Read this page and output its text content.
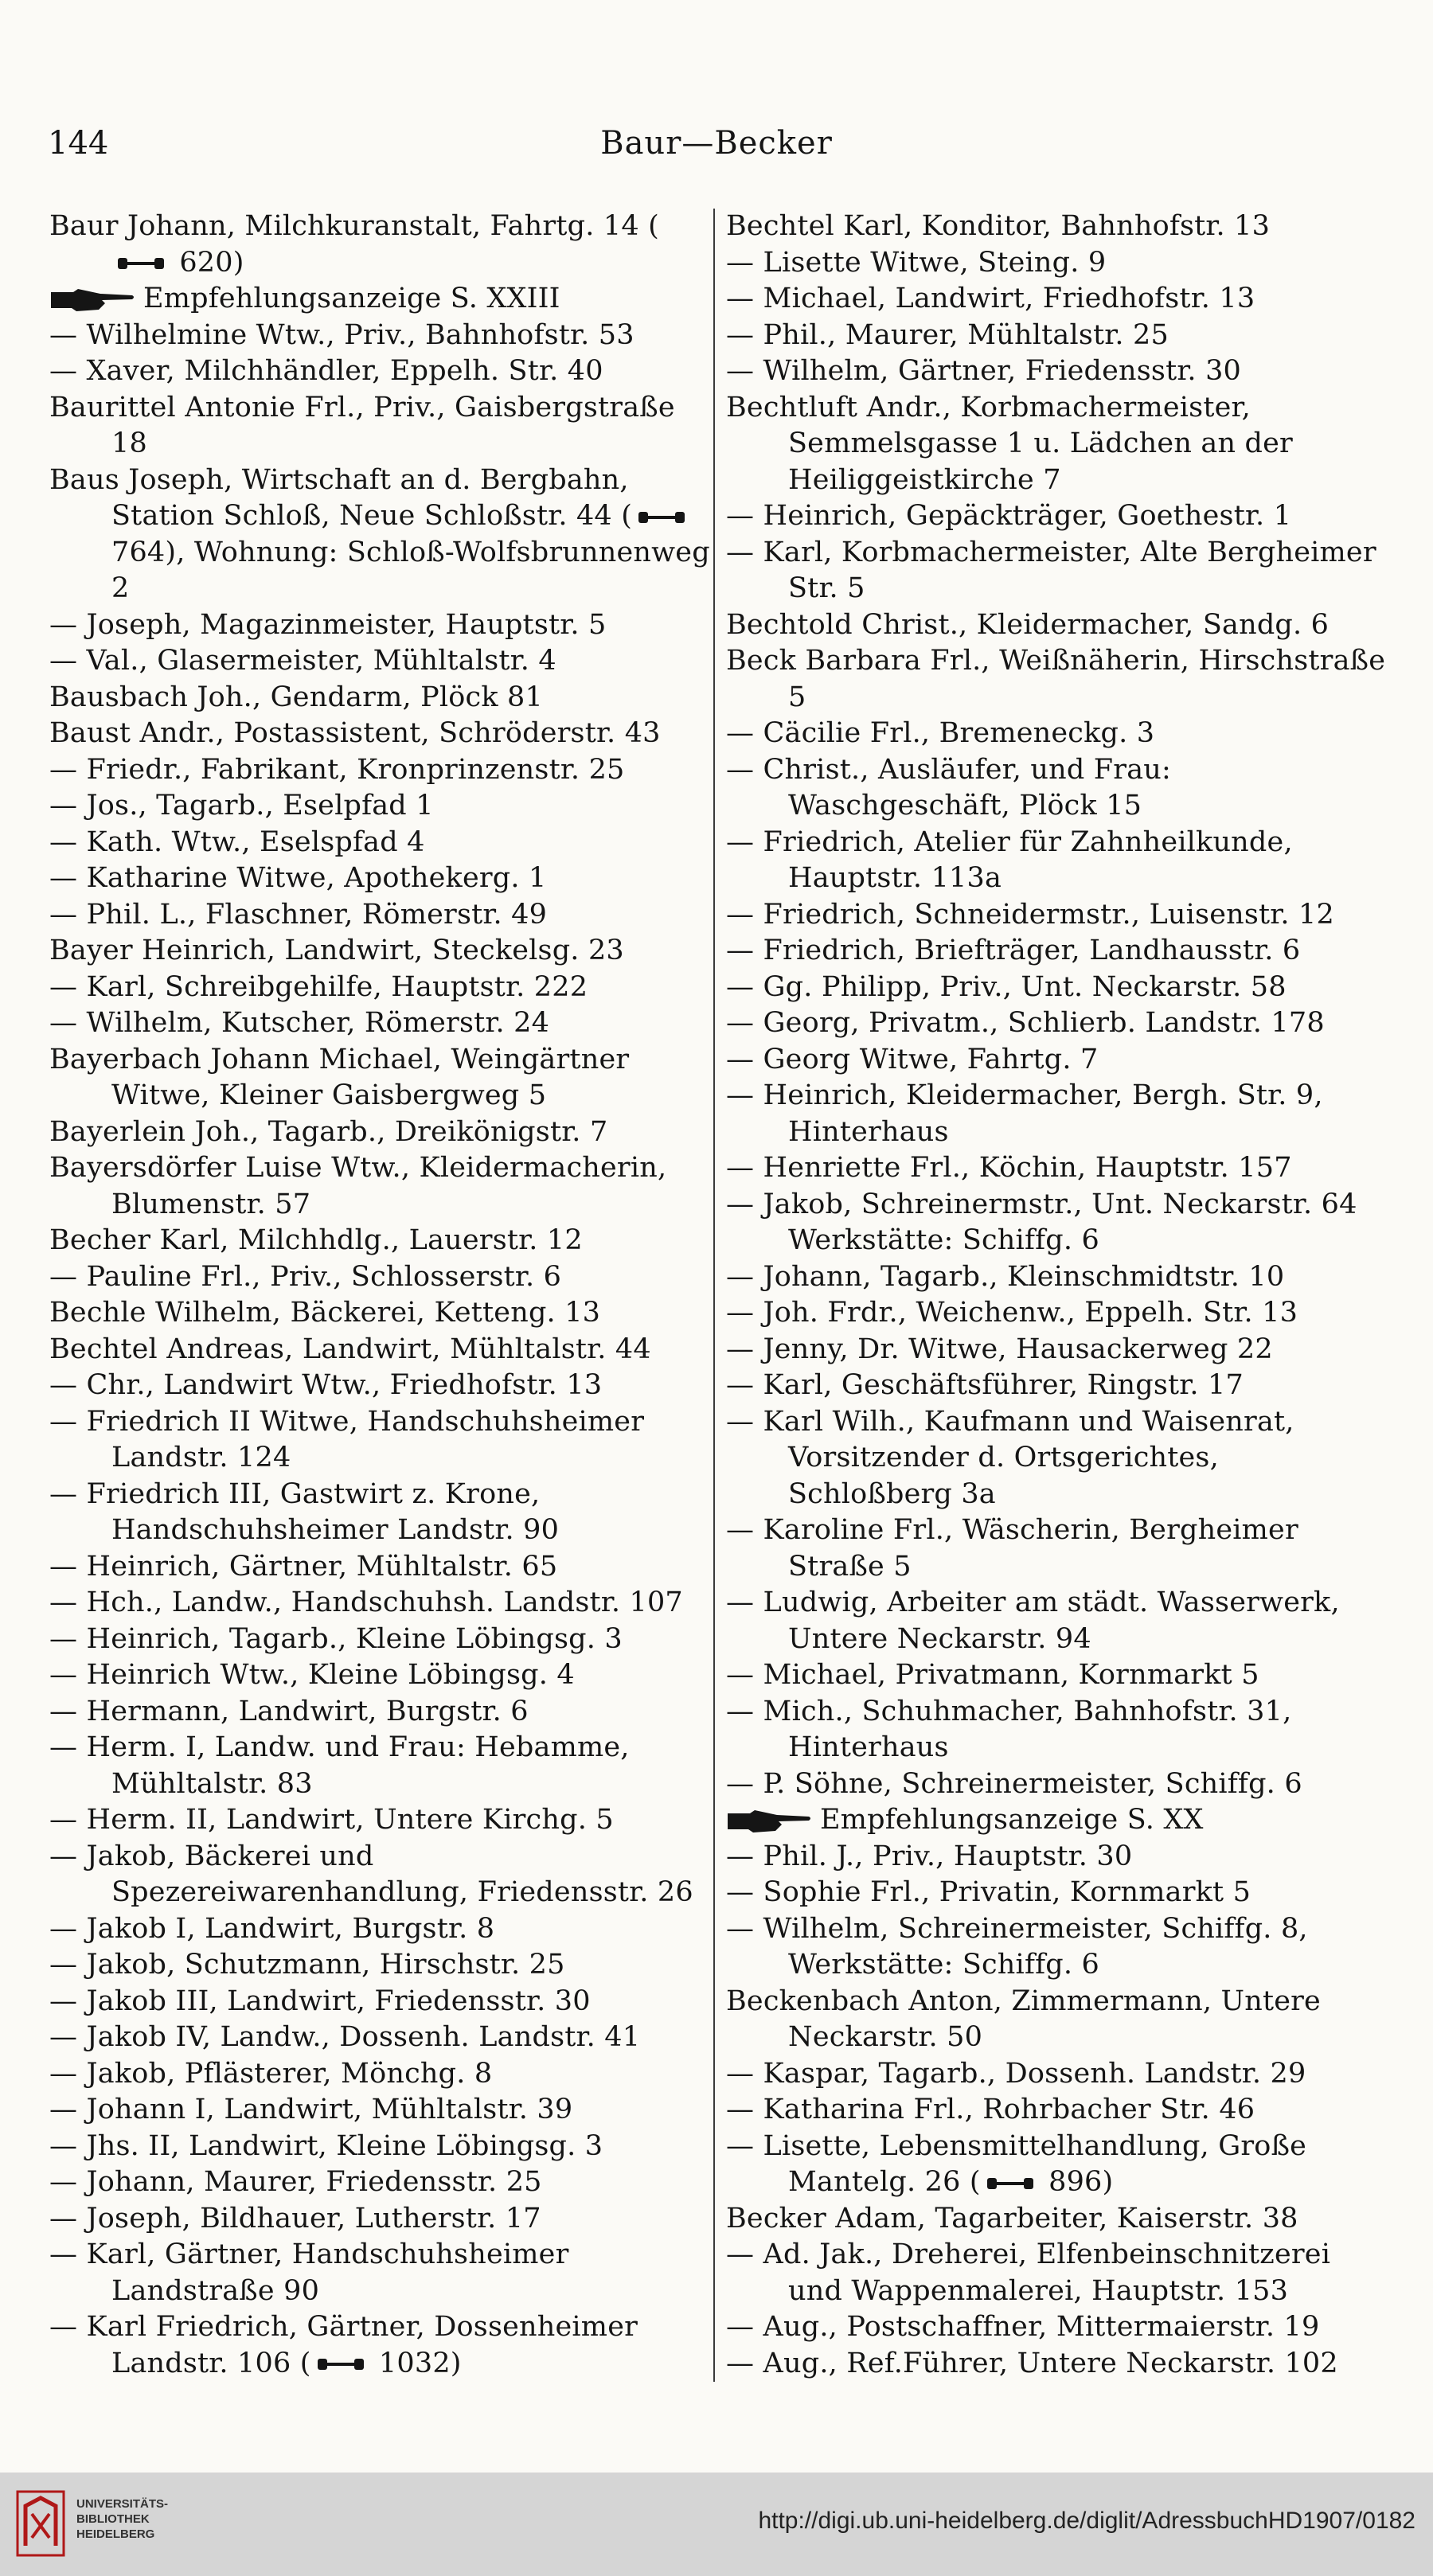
144	Baur—Becker

Baur Johann, Milchkuranstalt, Fahrtg. 14 ( 620)

Empfehlungsanzeige S. XXIII

— Wilhelmine Wtw., Priv., Bahnhofstr. 53

— Xaver, Milchhändler, Eppelh. Str. 40

Baurittel Antonie Frl., Priv., Gaisbergstraße 18

Baus Joseph, Wirtschaft an d. Bergbahn, Station Schloß, Neue Schloßstr. 44 ( 764), Wohnung: Schloß-Wolfsbrunnenweg 2

— Joseph, Magazinmeister, Hauptstr. 5

— Val., Glasermeister, Mühltalstr. 4

Bausbach Joh., Gendarm, Plöck 81

Baust Andr., Postassistent, Schröderstr. 43

— Friedr., Fabrikant, Kronprinzenstr. 25

— Jos., Tagarb., Eselpfad 1

— Kath. Wtw., Eselspfad 4

— Katharine Witwe, Apothekerg. 1

— Phil. L., Flaschner, Römerstr. 49

Bayer Heinrich, Landwirt, Steckelsg. 23

— Karl, Schreibgehilfe, Hauptstr. 222

— Wilhelm, Kutscher, Römerstr. 24

Bayerbach Johann Michael, Weingärtner Witwe, Kleiner Gaisbergweg 5

Bayerlein Joh., Tagarb., Dreikönigstr. 7

Bayersdörfer Luise Wtw., Kleidermacherin, Blumenstr. 57

Becher Karl, Milchhdlg., Lauerstr. 12

— Pauline Frl., Priv., Schlosserstr. 6

Bechle Wilhelm, Bäckerei, Ketteng. 13

Bechtel Andreas, Landwirt, Mühltalstr. 44

— Chr., Landwirt Wtw., Friedhofstr. 13

— Friedrich II Witwe, Handschuhsheimer Landstr. 124

— Friedrich III, Gastwirt z. Krone, Handschuhsheimer Landstr. 90

— Heinrich, Gärtner, Mühltalstr. 65

— Hch., Landw., Handschuhsh. Landstr. 107

— Heinrich, Tagarb., Kleine Löbingsg. 3

— Heinrich Wtw., Kleine Löbingsg. 4

— Hermann, Landwirt, Burgstr. 6

— Herm. I, Landw. und Frau: Hebamme, Mühltalstr. 83

— Herm. II, Landwirt, Untere Kirchg. 5

— Jakob, Bäckerei und Spezereiwarenhandlung, Friedensstr. 26

— Jakob I, Landwirt, Burgstr. 8

— Jakob, Schutzmann, Hirschstr. 25

— Jakob III, Landwirt, Friedensstr. 30

— Jakob IV, Landw., Dossenh. Landstr. 41

— Jakob, Pflästerer, Mönchg. 8

— Johann I, Landwirt, Mühltalstr. 39

— Jhs. II, Landwirt, Kleine Löbingsg. 3

— Johann, Maurer, Friedensstr. 25

— Joseph, Bildhauer, Lutherstr. 17

— Karl, Gärtner, Handschuhsheimer Landstraße 90

— Karl Friedrich, Gärtner, Dossenheimer Landstr. 106 ( 1032)

Bechtel Karl, Konditor, Bahnhofstr. 13

— Lisette Witwe, Steing. 9

— Michael, Landwirt, Friedhofstr. 13

— Phil., Maurer, Mühltalstr. 25

— Wilhelm, Gärtner, Friedensstr. 30

Bechtluft Andr., Korbmachermeister, Semmelsgasse 1 u. Lädchen an der Heiliggeistkirche 7

— Heinrich, Gepäckträger, Goethestr. 1

— Karl, Korbmachermeister, Alte Bergheimer Str. 5

Bechtold Christ., Kleidermacher, Sandg. 6

Beck Barbara Frl., Weißnäherin, Hirschstraße 5

— Cäcilie Frl., Bremeneckg. 3

— Christ., Ausläufer, und Frau: Waschgeschäft, Plöck 15

— Friedrich, Atelier für Zahnheilkunde, Hauptstr. 113a

— Friedrich, Schneidermstr., Luisenstr. 12

— Friedrich, Briefträger, Landhausstr. 6

— Gg. Philipp, Priv., Unt. Neckarstr. 58

— Georg, Privatm., Schlierb. Landstr. 178

— Georg Witwe, Fahrtg. 7

— Heinrich, Kleidermacher, Bergh. Str. 9, Hinterhaus

— Henriette Frl., Köchin, Hauptstr. 157

— Jakob, Schreinermstr., Unt. Neckarstr. 64 Werkstätte: Schiffg. 6

— Johann, Tagarb., Kleinschmidtstr. 10

— Joh. Frdr., Weichenw., Eppelh. Str. 13

— Jenny, Dr. Witwe, Hausackerweg 22

— Karl, Geschäftsführer, Ringstr. 17

— Karl Wilh., Kaufmann und Waisenrat, Vorsitzender d. Ortsgerichtes, Schloßberg 3a

— Karoline Frl., Wäscherin, Bergheimer Straße 5

— Ludwig, Arbeiter am städt. Wasserwerk, Untere Neckarstr. 94

— Michael, Privatmann, Kornmarkt 5

— Mich., Schuhmacher, Bahnhofstr. 31, Hinterhaus

— P. Söhne, Schreinermeister, Schiffg. 6

Empfehlungsanzeige S. XX

— Phil. J., Priv., Hauptstr. 30

— Sophie Frl., Privatin, Kornmarkt 5

— Wilhelm, Schreinermeister, Schiffg. 8, Werkstätte: Schiffg. 6

Beckenbach Anton, Zimmermann, Untere Neckarstr. 50

— Kaspar, Tagarb., Dossenh. Landstr. 29

— Katharina Frl., Rohrbacher Str. 46

— Lisette, Lebensmittelhandlung, Große Mantelg. 26 ( 896)

Becker Adam, Tagarbeiter, Kaiserstr. 38

— Ad. Jak., Dreherei, Elfenbeinschnitzerei und Wappenmalerei, Hauptstr. 153

— Aug., Postschaffner, Mittermaierstr. 19

— Aug., Ref.Führer, Untere Neckarstr. 102

UNIVERSITÄTS-
BIBLIOTHEK
HEIDELBERG
http://digi.ub.uni-heidelberg.de/diglit/AdressbuchHD1907/0182
